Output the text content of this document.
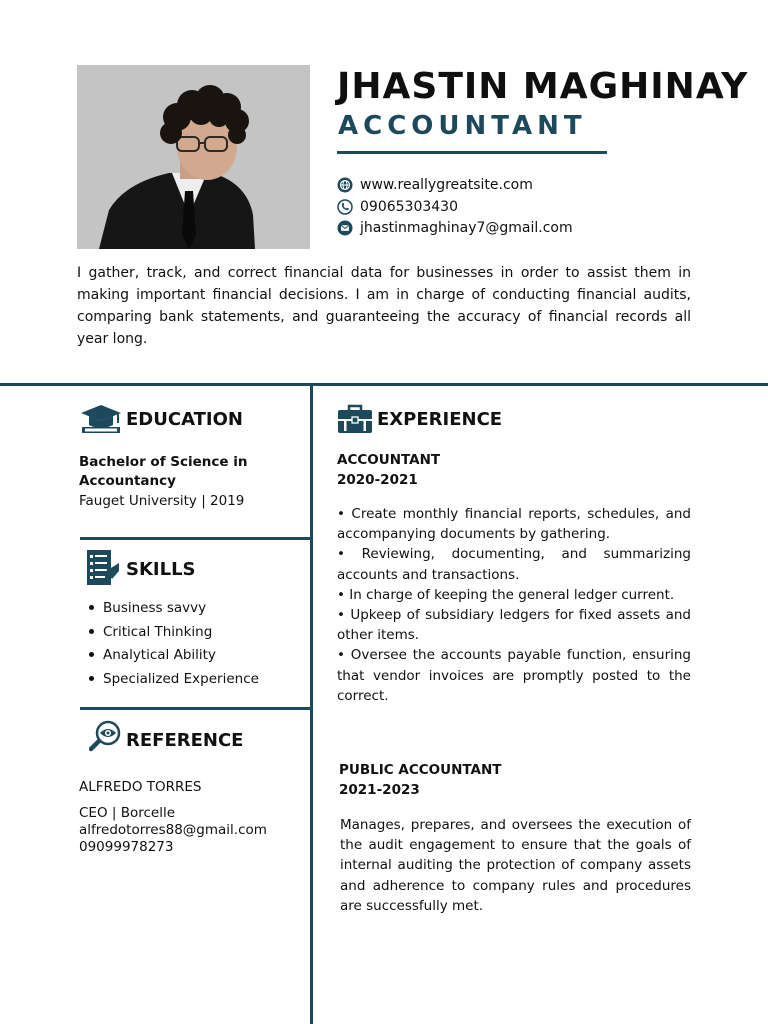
JHASTIN MAGHINAY
ACCOUNTANT
www.reallygreatsite.com
09065303430
jhastinmaghinay7@gmail.com
I gather, track, and correct financial data for businesses in order to assist them in making important financial decisions. I am in charge of conducting financial audits, comparing bank statements, and guaranteeing the accuracy of financial records all year long.
EDUCATION
Bachelor of Science in Accountancy
Fauget University | 2019
SKILLS
Business savvy
Critical Thinking
Analytical Ability
Specialized Experience
REFERENCE
ALFREDO TORRES
CEO | Borcelle
alfredotorres88@gmail.com
09099978273
EXPERIENCE
ACCOUNTANT
2020-2021

• Create monthly financial reports, schedules, and accompanying documents by gathering.

• Reviewing, documenting, and summarizing accounts and transactions.

• In charge of keeping the general ledger current.

• Upkeep of subsidiary ledgers for fixed assets and other items.

• Oversee the accounts payable function, ensuring that vendor invoices are promptly posted to the correct.

PUBLIC ACCOUNTANT
2021-2023
Manages, prepares, and oversees the execution of the audit engagement to ensure that the goals of internal auditing the protection of company assets and adherence to company rules and procedures are successfully met.
